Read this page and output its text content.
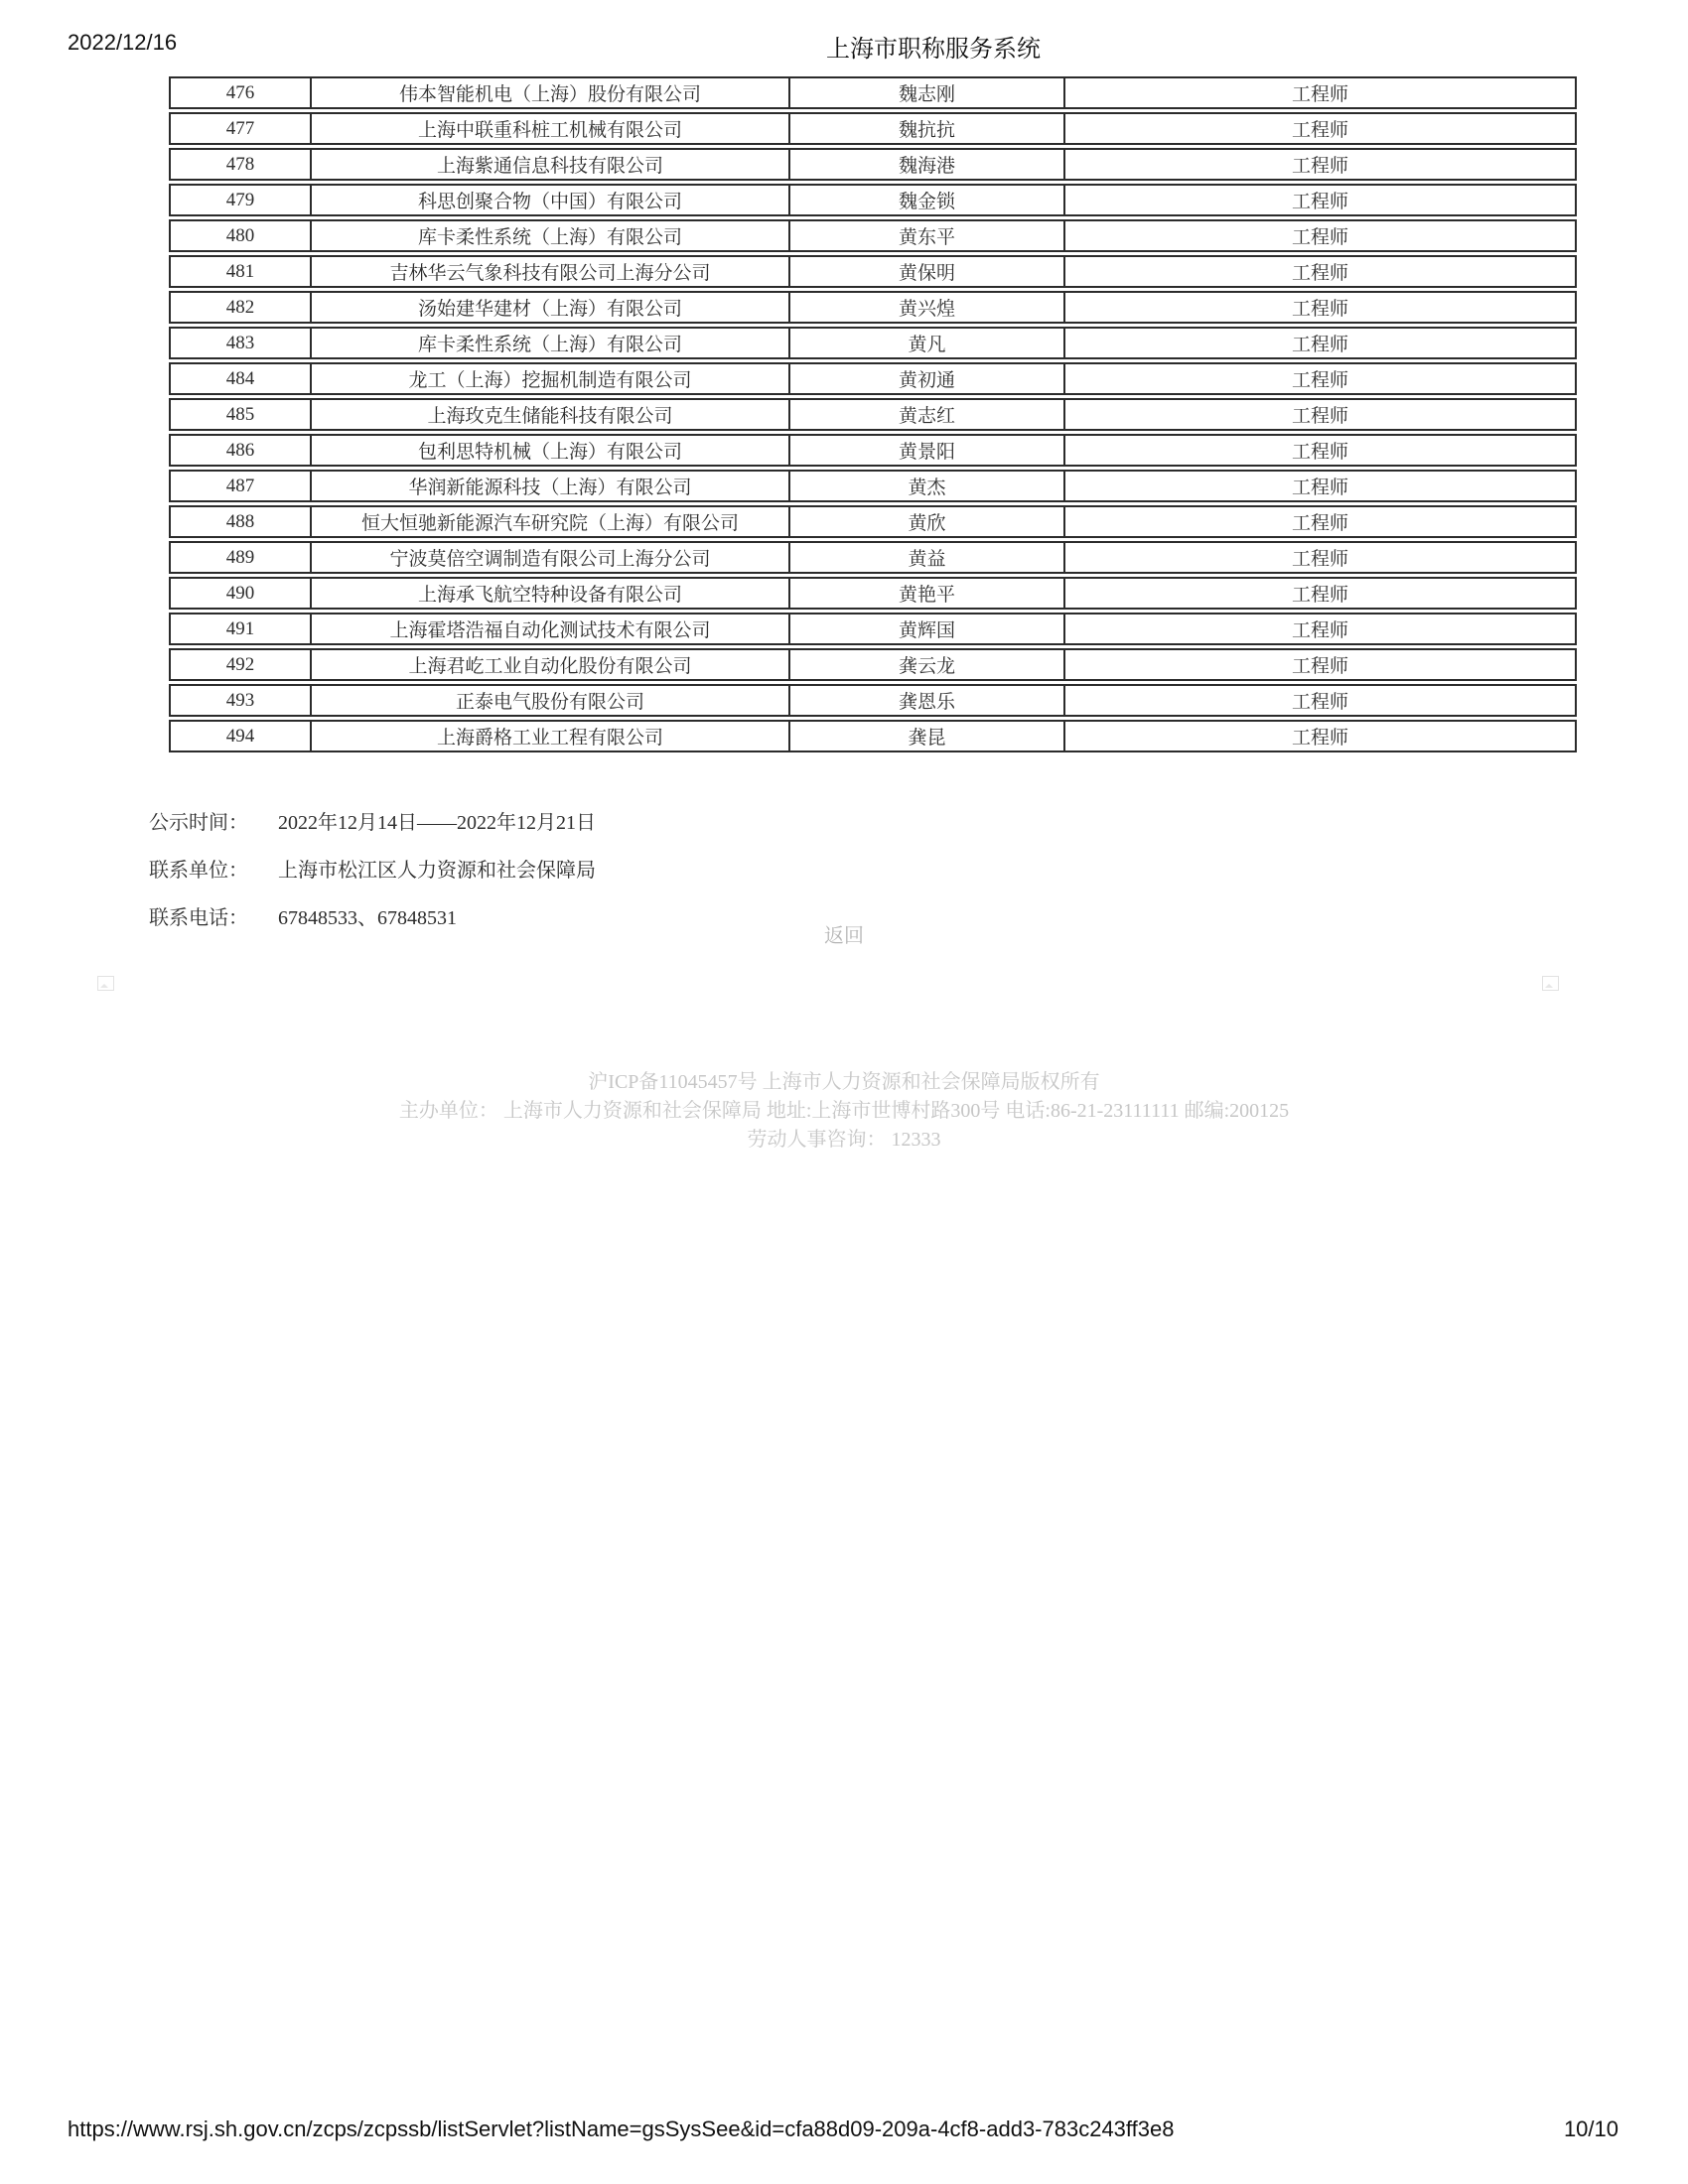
2022/12/16	上海市职称服务系统
476	伟本智能机电（上海）股份有限公司	魏志刚	工程师
477	上海中联重科桩工机械有限公司	魏抗抗	工程师
478	上海紫通信息科技有限公司	魏海港	工程师
479	科思创聚合物（中国）有限公司	魏金锁	工程师
480	库卡柔性系统（上海）有限公司	黄东平	工程师
481	吉林华云气象科技有限公司上海分公司	黄保明	工程师
482	汤始建华建材（上海）有限公司	黄兴煌	工程师
483	库卡柔性系统（上海）有限公司	黄凡	工程师
484	龙工（上海）挖掘机制造有限公司	黄初通	工程师
485	上海玫克生储能科技有限公司	黄志红	工程师
486	包利思特机械（上海）有限公司	黄景阳	工程师
487	华润新能源科技（上海）有限公司	黄杰	工程师
488	恒大恒驰新能源汽车研究院（上海）有限公司	黄欣	工程师
489	宁波莫倍空调制造有限公司上海分公司	黄益	工程师
490	上海承飞航空特种设备有限公司	黄艳平	工程师
491	上海霍塔浩福自动化测试技术有限公司	黄辉国	工程师
492	上海君屹工业自动化股份有限公司	龚云龙	工程师
493	正泰电气股份有限公司	龚恩乐	工程师
494	上海爵格工业工程有限公司	龚昆	工程师
公示时间：	2022年12月14日——2022年12月21日
联系单位：	上海市松江区人力资源和社会保障局
联系电话：	67848533、67848531
返回
沪ICP备11045457号 上海市人力资源和社会保障局版权所有
主办单位： 上海市人力资源和社会保障局 地址:上海市世博村路300号 电话:86-21-23111111 邮编:200125
劳动人事咨询： 12333
https://www.rsj.sh.gov.cn/zcps/zcpssb/listServlet?listName=gsSysSee&id=cfa88d09-209a-4cf8-add3-783c243ff3e8	10/10
